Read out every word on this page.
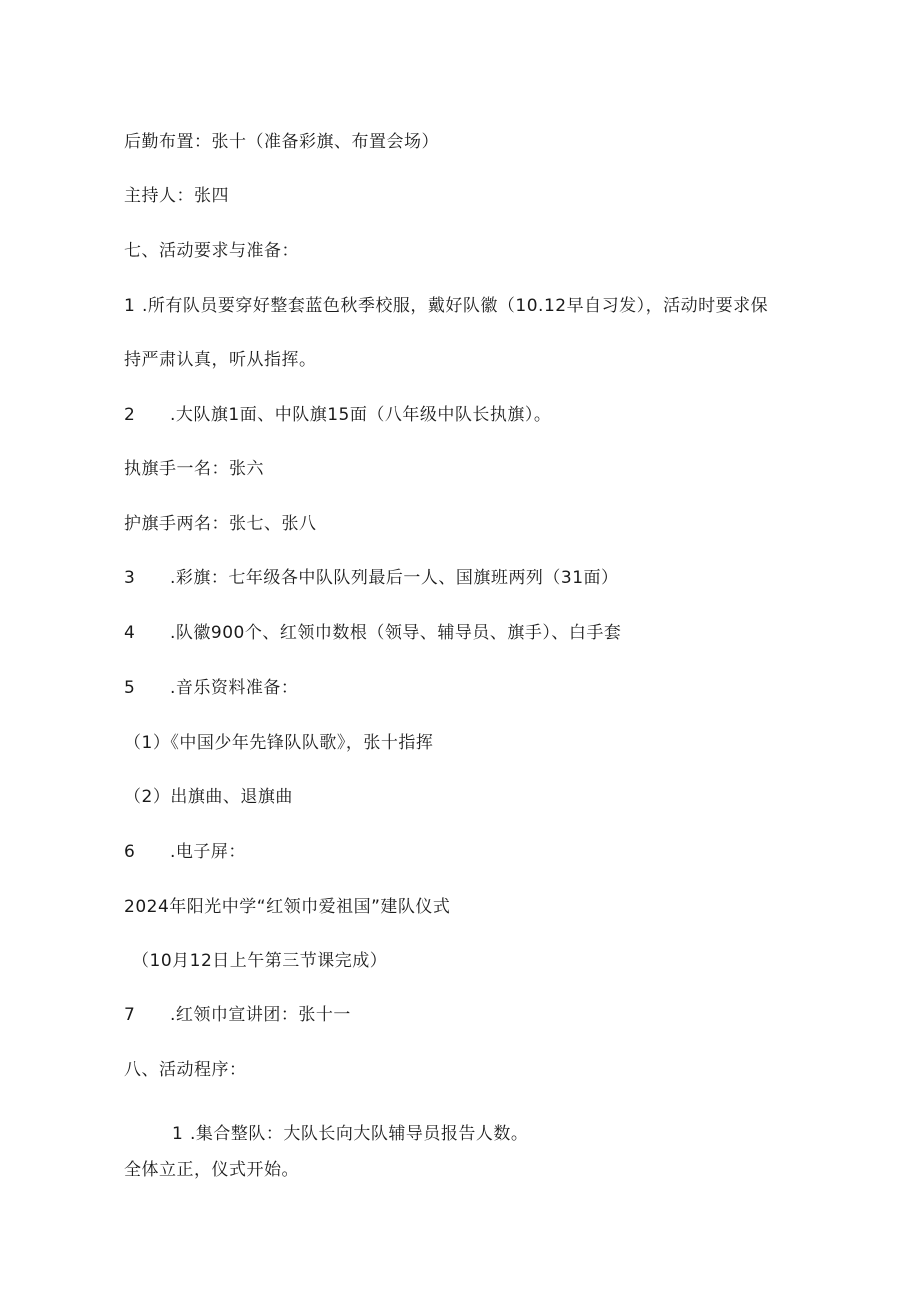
后勤布置：张十（准备彩旗、布置会场）
主持人：张四
七、活动要求与准备：
1 .所有队员要穿好整套蓝色秋季校服，戴好队徽（10.12早自习发），活动时要求保
持严肃认真，听从指挥。
2 .大队旗1面、中队旗15面（八年级中队长执旗）。
执旗手一名：张六
护旗手两名：张七、张八
3 .彩旗：七年级各中队队列最后一人、国旗班两列（31面）
4 .队徽900个、红领巾数根（领导、辅导员、旗手）、白手套
5 .音乐资料准备：
（1）《中国少年先锋队队歌》，张十指挥
（2）出旗曲、退旗曲
6 .电子屏：
2024年阳光中学“红领巾爱祖国”建队仪式
（10月12日上午第三节课完成）
7 .红领巾宣讲团：张十一
八、活动程序：
1 .集合整队：大队长向大队辅导员报告人数。
全体立正，仪式开始。
